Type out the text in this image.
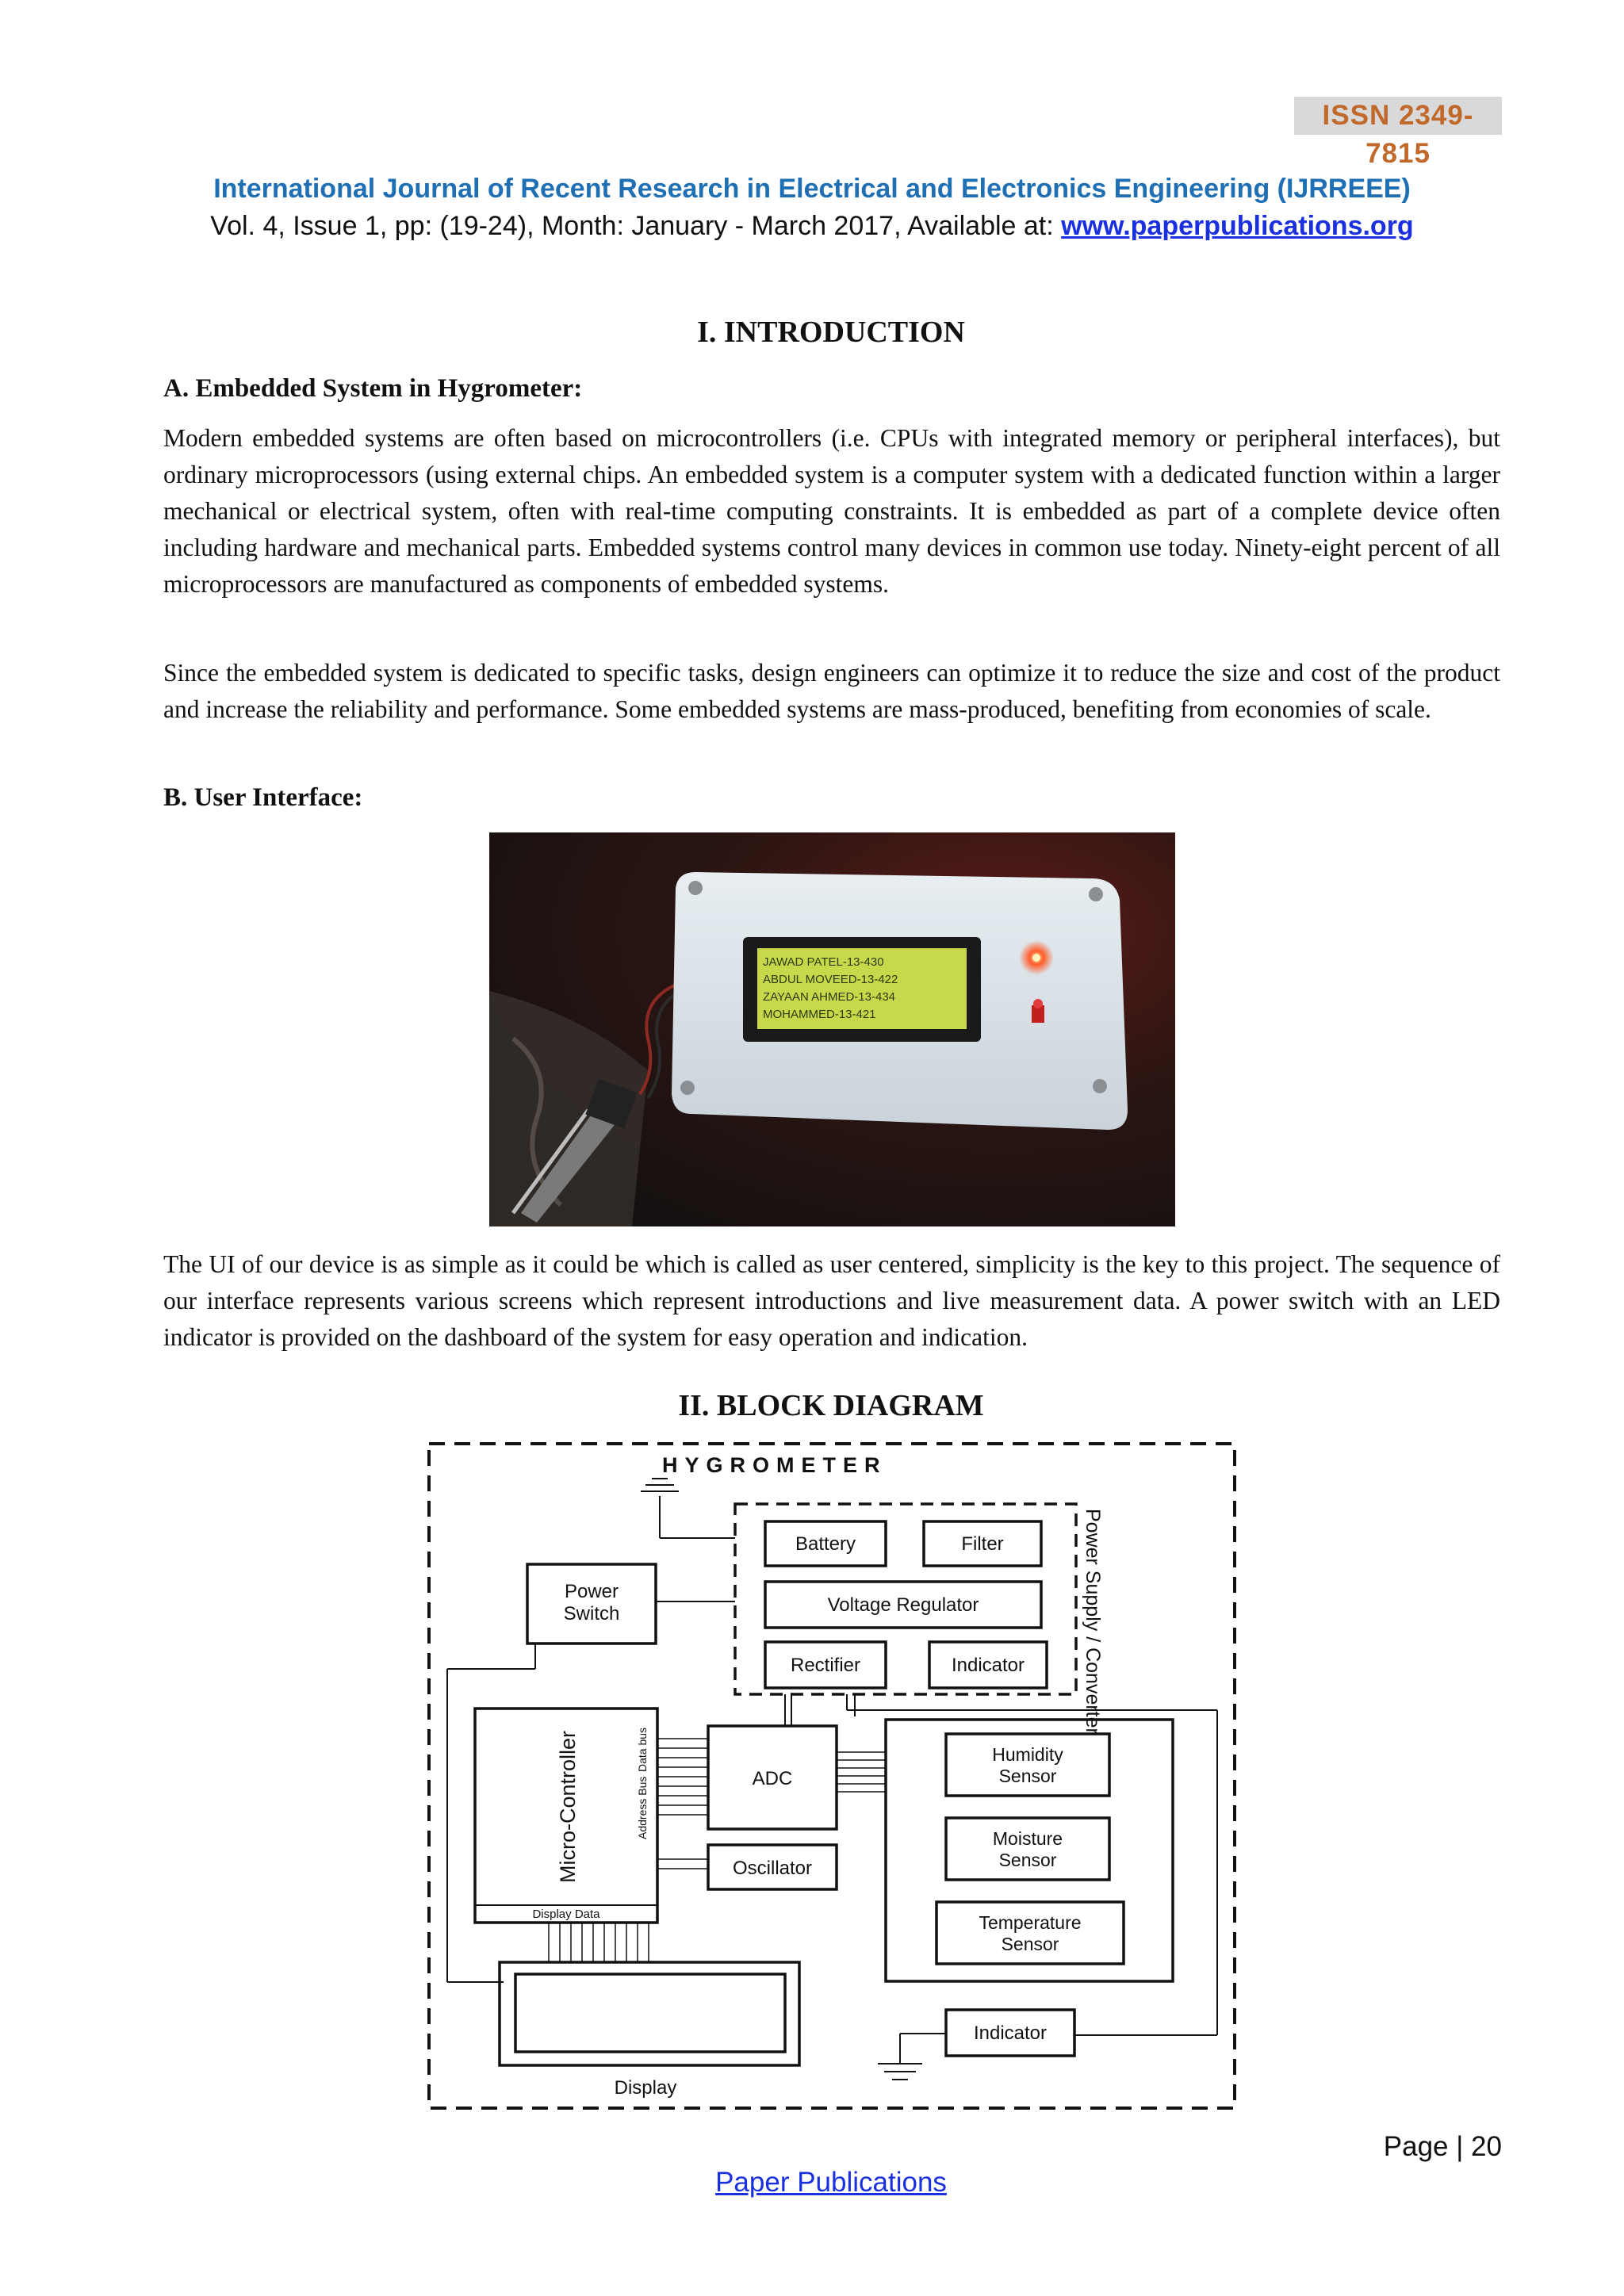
ISSN 2349-7815
International Journal of Recent Research in Electrical and Electronics Engineering (IJRREEE)
Vol. 4, Issue 1, pp: (19-24), Month: January - March 2017, Available at: www.paperpublications.org
I. INTRODUCTION
A. Embedded System in Hygrometer:
Modern embedded systems are often based on microcontrollers (i.e. CPUs with integrated memory or peripheral interfaces), but ordinary microprocessors (using external chips. An embedded system is a computer system with a dedicated function within a larger mechanical or electrical system, often with real-time computing constraints. It is embedded as part of a complete device often including hardware and mechanical parts. Embedded systems control many devices in common use today. Ninety-eight percent of all microprocessors are manufactured as components of embedded systems.
Since the embedded system is dedicated to specific tasks, design engineers can optimize it to reduce the size and cost of the product and increase the reliability and performance. Some embedded systems are mass-produced, benefiting from economies of scale.
B. User Interface:
JAWAD PATEL-13-430
ABDUL MOVEED-13-422
ZAYAAN AHMED-13-434
MOHAMMED-13-421
The UI of our device is as simple as it could be which is called as user centered, simplicity is the key to this project. The sequence of our interface represents various screens which represent introductions and live measurement data. A power switch with an LED indicator is provided on the dashboard of the system for easy operation and indication.
II. BLOCK DIAGRAM
HYGROMETER
Power
Switch
Battery	Filter
Voltage Regulator
Rectifier	Indicator	Power Supply / Converter
Micro-Controller	Address Bus
Data bus
Display Data
ADC
Oscillator
Humidity
Sensor
Moisture
Sensor
Temperature
Sensor
Indicator
Display
Page | 20
Paper Publications
